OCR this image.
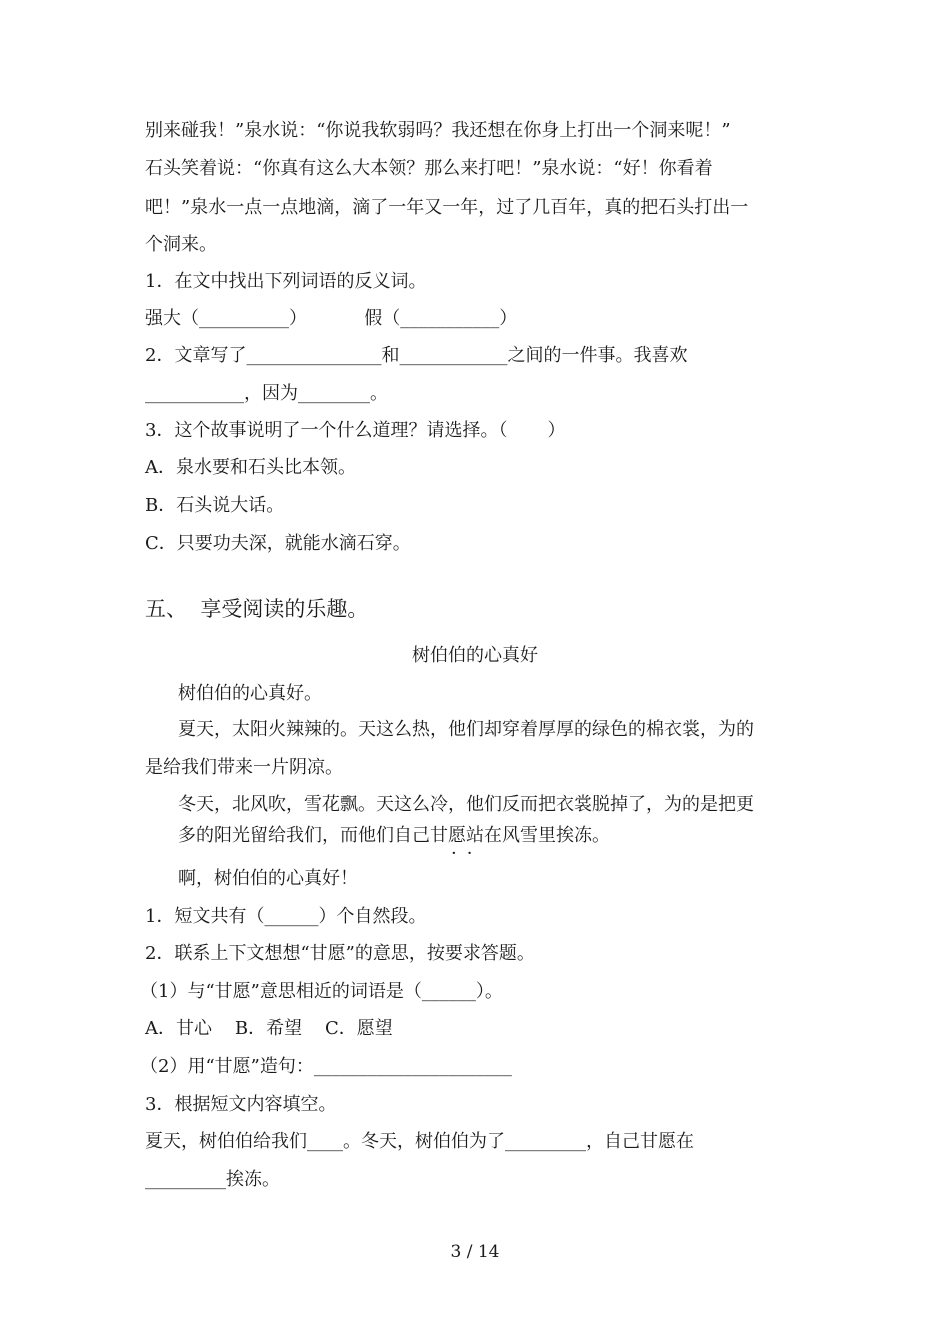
别来碰我！”泉水说：“你说我软弱吗？我还想在你身上打出一个洞来呢！”
石头笑着说：“你真有这么大本领？那么来打吧！”泉水说：“好！你看着
吧！”泉水一点一点地滴，滴了一年又一年，过了几百年，真的把石头打出一
个洞来。
1．在文中找出下列词语的反义词。
强大（__________）          假（___________）
2．文章写了_______________和____________之间的一件事。我喜欢
___________，因为________。
3．这个故事说明了一个什么道理？请选择。（       ）
A．泉水要和石头比本领。
B．石头说大话。
C．只要功夫深，就能水滴石穿。
五、  享受阅读的乐趣。
树伯伯的心真好
树伯伯的心真好。
夏天，太阳火辣辣的。天这么热，他们却穿着厚厚的绿色的棉衣裳，为的
是给我们带来一片阴凉。
冬天，北风吹，雪花飘。天这么冷，他们反而把衣裳脱掉了，为的是把更
多的阳光留给我们，而他们自己甘愿站在风雪里挨冻。
··
啊，树伯伯的心真好！
1．短文共有（______）个自然段。
2．联系上下文想想“甘愿”的意思，按要求答题。
（1）与“甘愿”意思相近的词语是（______）。
A．甘心    B．希望    C．愿望
（2）用“甘愿”造句：______________________
3．根据短文内容填空。
夏天，树伯伯给我们____。冬天，树伯伯为了_________，自己甘愿在
_________挨冻。
3 / 14
